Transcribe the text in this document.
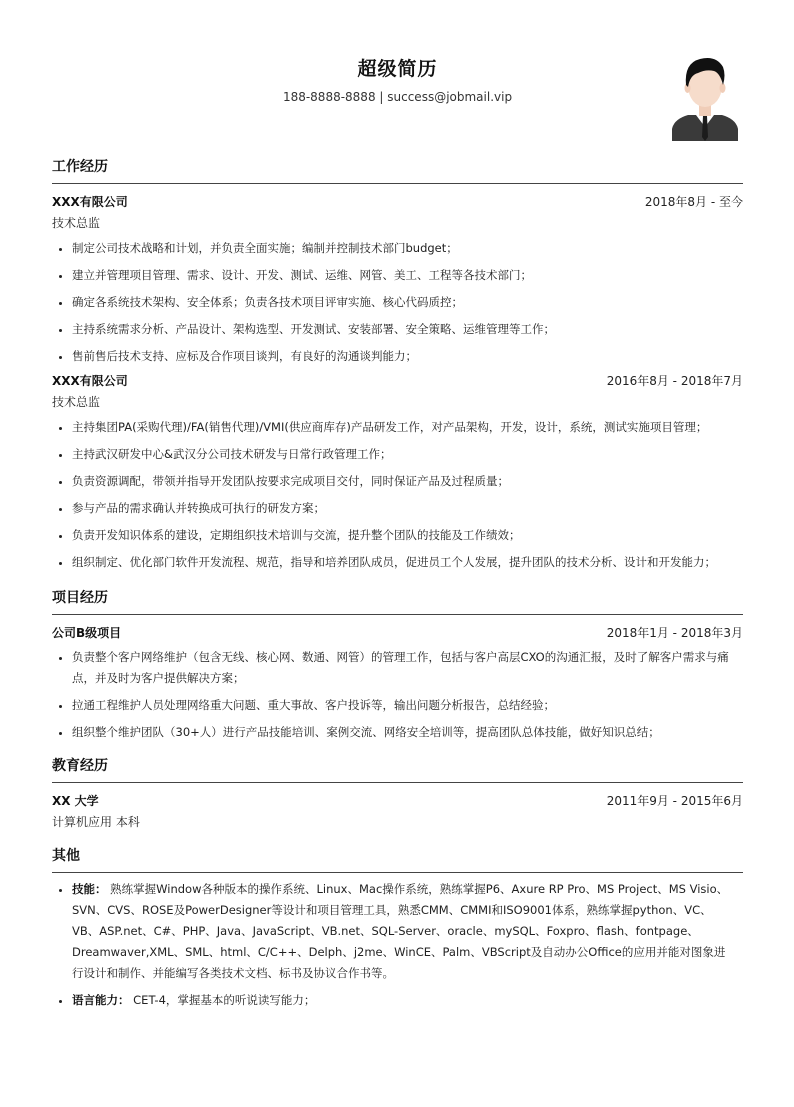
超级简历
188-8888-8888 | success@jobmail.vip
工作经历
XXX有限公司	2018年8月 - 至今
技术总监
• 制定公司技术战略和计划，并负责全面实施；编制并控制技术部门budget；
• 建立并管理项目管理、需求、设计、开发、测试、运维、网管、美工、工程等各技术部门；
• 确定各系统技术架构、安全体系；负责各技术项目评审实施、核心代码质控；
• 主持系统需求分析、产品设计、架构选型、开发测试、安装部署、安全策略、运维管理等工作；
• 售前售后技术支持、应标及合作项目谈判，有良好的沟通谈判能力；
XXX有限公司	2016年8月 - 2018年7月
技术总监
• 主持集团PA(采购代理)/FA(销售代理)/VMI(供应商库存)产品研发工作，对产品架构，开发，设计，系统，测试实施项目管理；
• 主持武汉研发中心&武汉分公司技术研发与日常行政管理工作；
• 负责资源调配，带领并指导开发团队按要求完成项目交付，同时保证产品及过程质量；
• 参与产品的需求确认并转换成可执行的研发方案；
• 负责开发知识体系的建设，定期组织技术培训与交流，提升整个团队的技能及工作绩效；
• 组织制定、优化部门软件开发流程、规范，指导和培养团队成员，促进员工个人发展，提升团队的技术分析、设计和开发能力；
项目经历
公司B级项目	2018年1月 - 2018年3月
• 负责整个客户网络维护（包含无线、核心网、数通、网管）的管理工作，包括与客户高层CXO的沟通汇报，及时了解客户需求与痛点，并及时为客户提供解决方案；
• 拉通工程维护人员处理网络重大问题、重大事故、客户投诉等，输出问题分析报告，总结经验；
• 组织整个维护团队（30+人）进行产品技能培训、案例交流、网络安全培训等，提高团队总体技能，做好知识总结；
教育经历
XX 大学	2011年9月 - 2015年6月
计算机应用 本科
其他
• 技能： 熟练掌握Window各种版本的操作系统、Linux、Mac操作系统，熟练掌握P6、Axure RP Pro、MS Project、MS Visio、SVN、CVS、ROSE及PowerDesigner等设计和项目管理工具，熟悉CMM、CMMI和ISO9001体系，熟练掌握python、VC、VB、ASP.net、C#、PHP、Java、JavaScript、VB.net、SQL-Server、oracle、mySQL、Foxpro、flash、fontpage、Dreamwaver,XML、SML、html、C/C++、Delph、j2me、WinCE、Palm、VBScript及自动办公Office的应用并能对图象进行设计和制作、并能编写各类技术文档、标书及协议合作书等。
• 语言能力： CET-4，掌握基本的听说读写能力；
